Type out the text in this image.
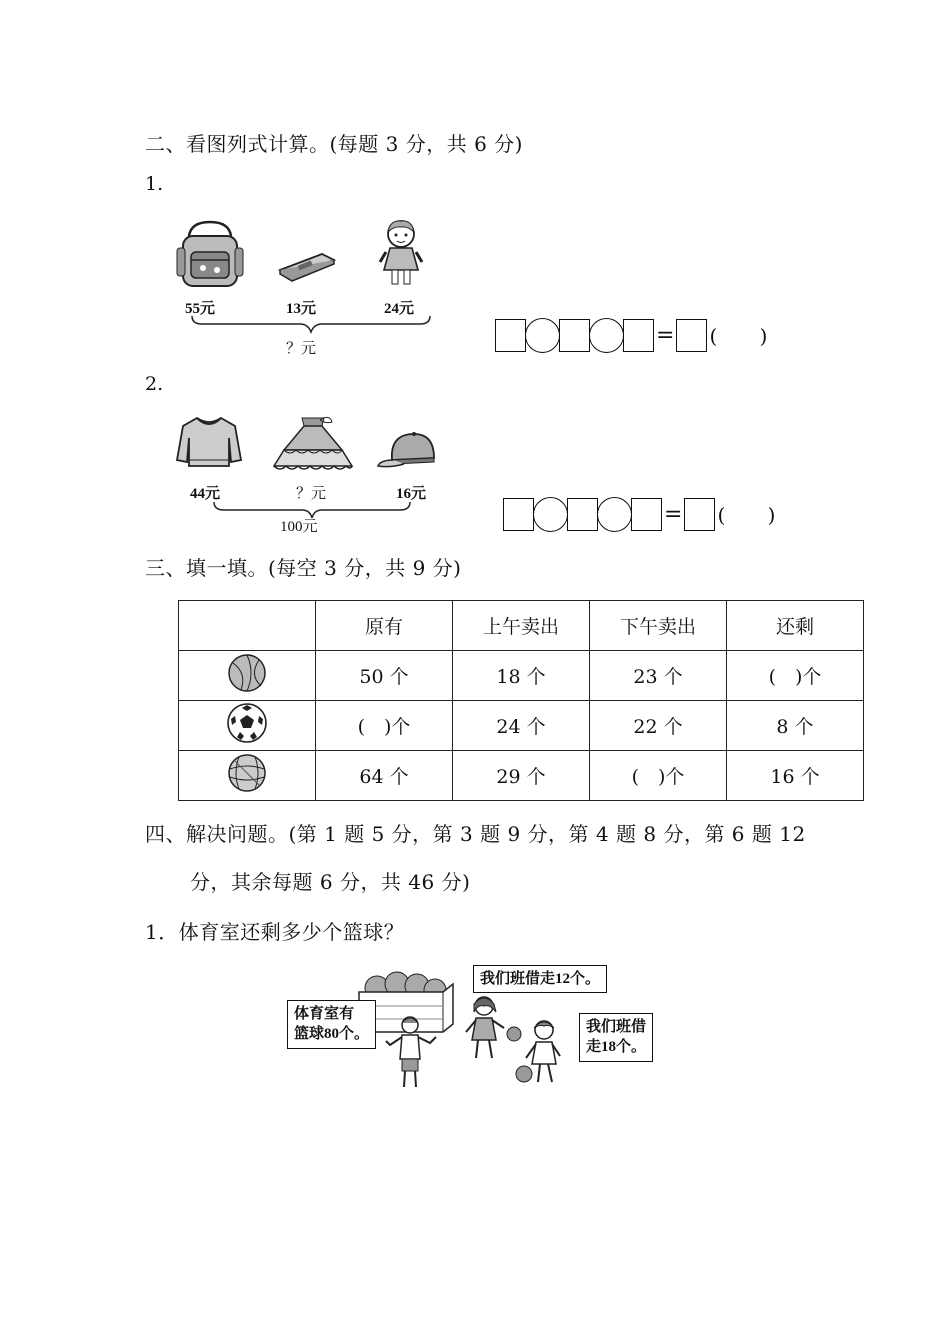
二、看图列式计算。(每题 3 分，共 6 分)
1.
55元	13元	24元
？元
= ( )
2.
44元	？元	16元
100元
= ( )
三、填一填。(每空 3 分，共 9 分)
	原有	上午卖出	下午卖出	还剩
	50 个	18 个	23 个	(　)个
	(　)个	24 个	22 个	8 个
	64 个	29 个	(　)个	16 个
四、解决问题。(第 1 题 5 分，第 3 题 9 分，第 4 题 8 分，第 6 题 12
分，其余每题 6 分，共 46 分)
1．体育室还剩多少个篮球？
体育室有
篮球80个。
我们班借走12个。
我们班借
走18个。
